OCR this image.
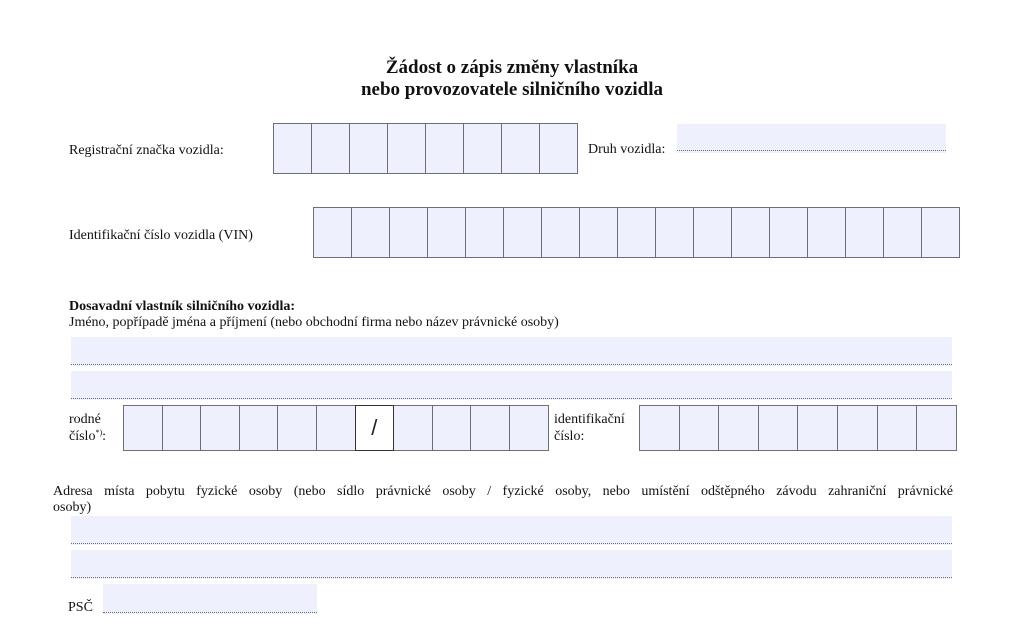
Žádost o zápis změny vlastníka
nebo provozovatele silničního vozidla
Registrační značka vozidla:	Druh vozidla:
Identifikační číslo vozidla (VIN)
Dosavadní vlastník silničního vozidla:
Jméno, popřípadě jména a příjmení (nebo obchodní firma nebo název právnické osoby)
rodné
číslo*):	/	identifikační
číslo:
Adresa místa pobytu fyzické osoby (nebo sídlo právnické osoby / fyzické osoby, nebo umístění odštěpného závodu zahraniční právnické
osoby)
PSČ
